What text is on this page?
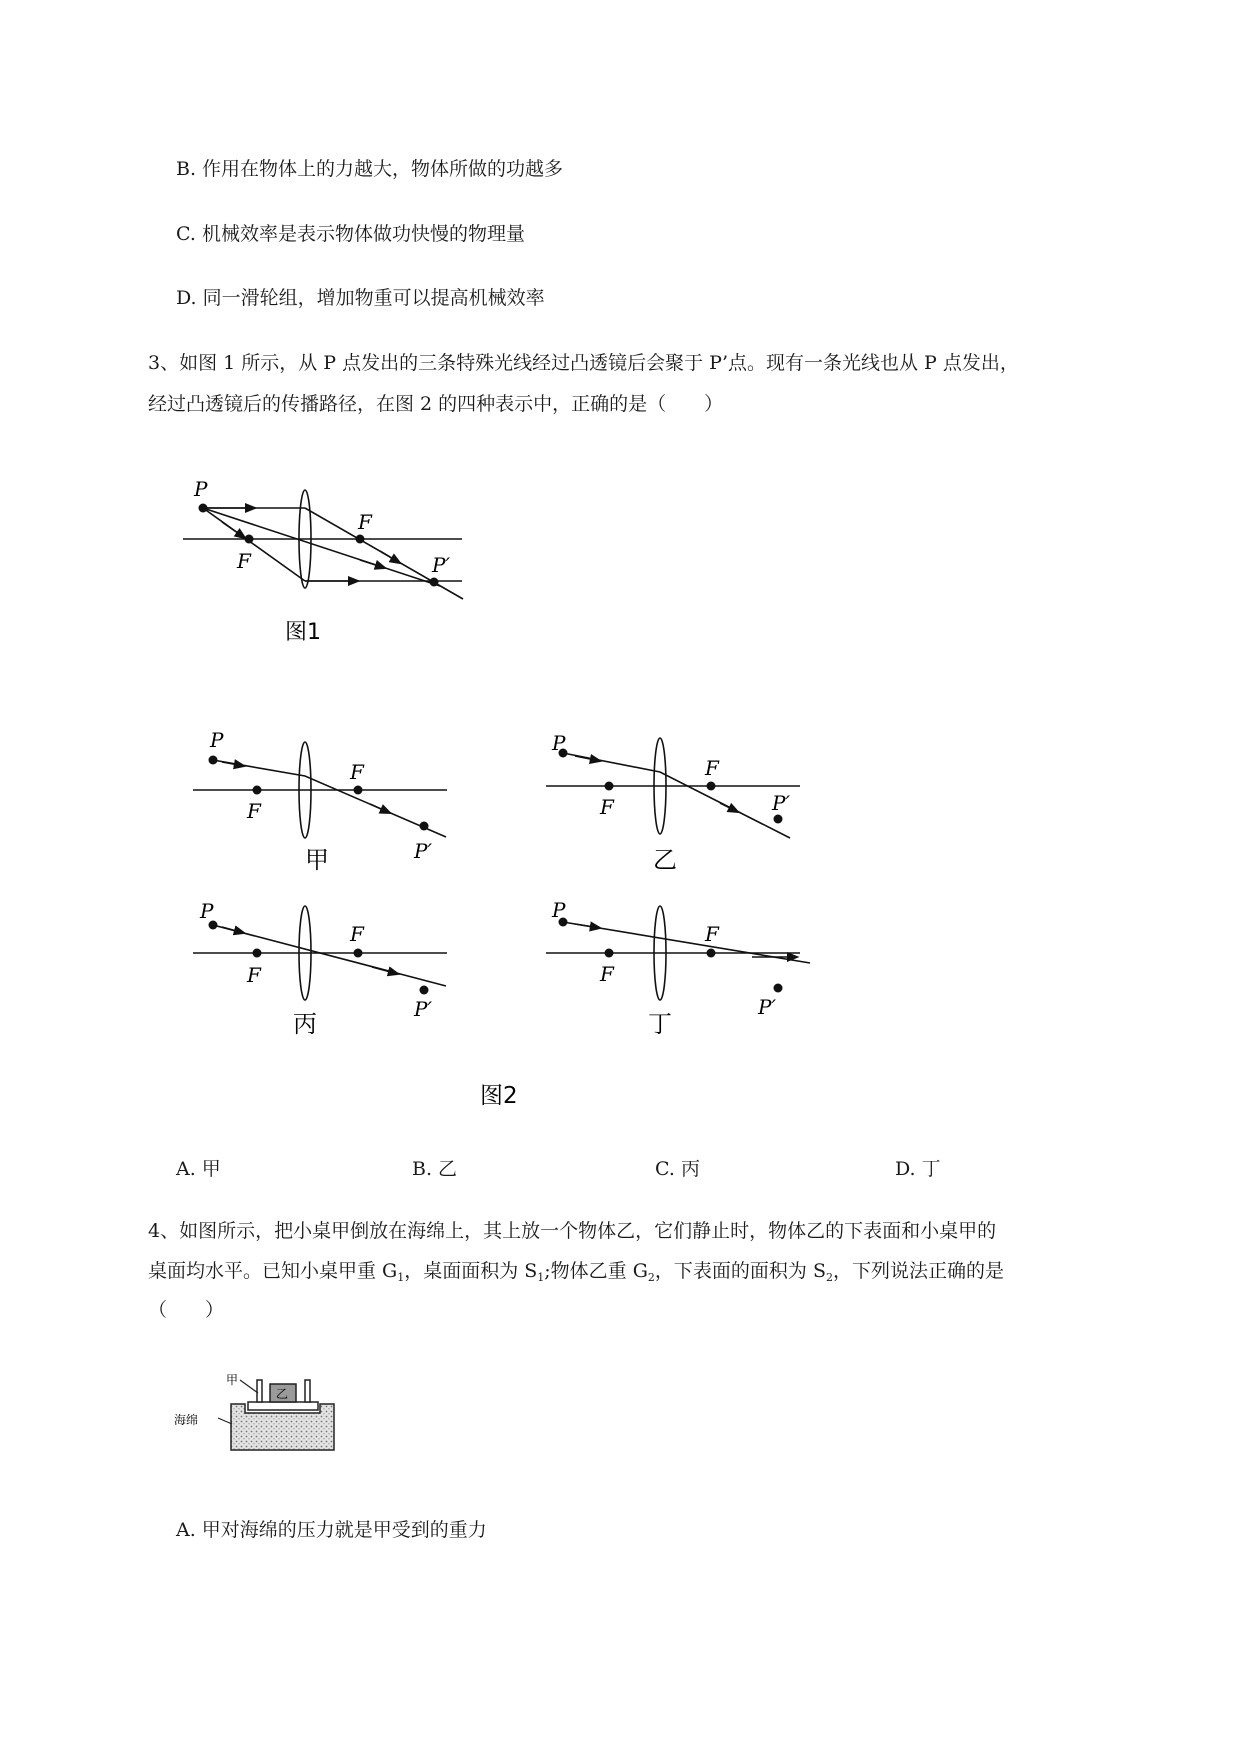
B. 作用在物体上的力越大，物体所做的功越多
C. 机械效率是表示物体做功快慢的物理量
D. 同一滑轮组，增加物重可以提高机械效率
3、如图 1 所示，从 P 点发出的三条特殊光线经过凸透镜后会聚于 P’点。现有一条光线也从 P 点发出，
经过凸透镜后的传播路径，在图 2 的四种表示中，正确的是（　　）
P
F
F
P′
图1
P
F
F
P′
甲
P
F
F
P′
乙
P
F
F
P′
丙
P
F
F
P′
丁
图2
A. 甲	B. 乙	C. 丙	D. 丁
4、如图所示，把小桌甲倒放在海绵上，其上放一个物体乙，它们静止时，物体乙的下表面和小桌甲的
桌面均水平。已知小桌甲重 $G_1$，桌面面积为 $S_1$;物体乙重 $G_2$，下表面的面积为 $S_2$，下列说法正确的是
（　　）
甲
乙
海绵
A. 甲对海绵的压力就是甲受到的重力
